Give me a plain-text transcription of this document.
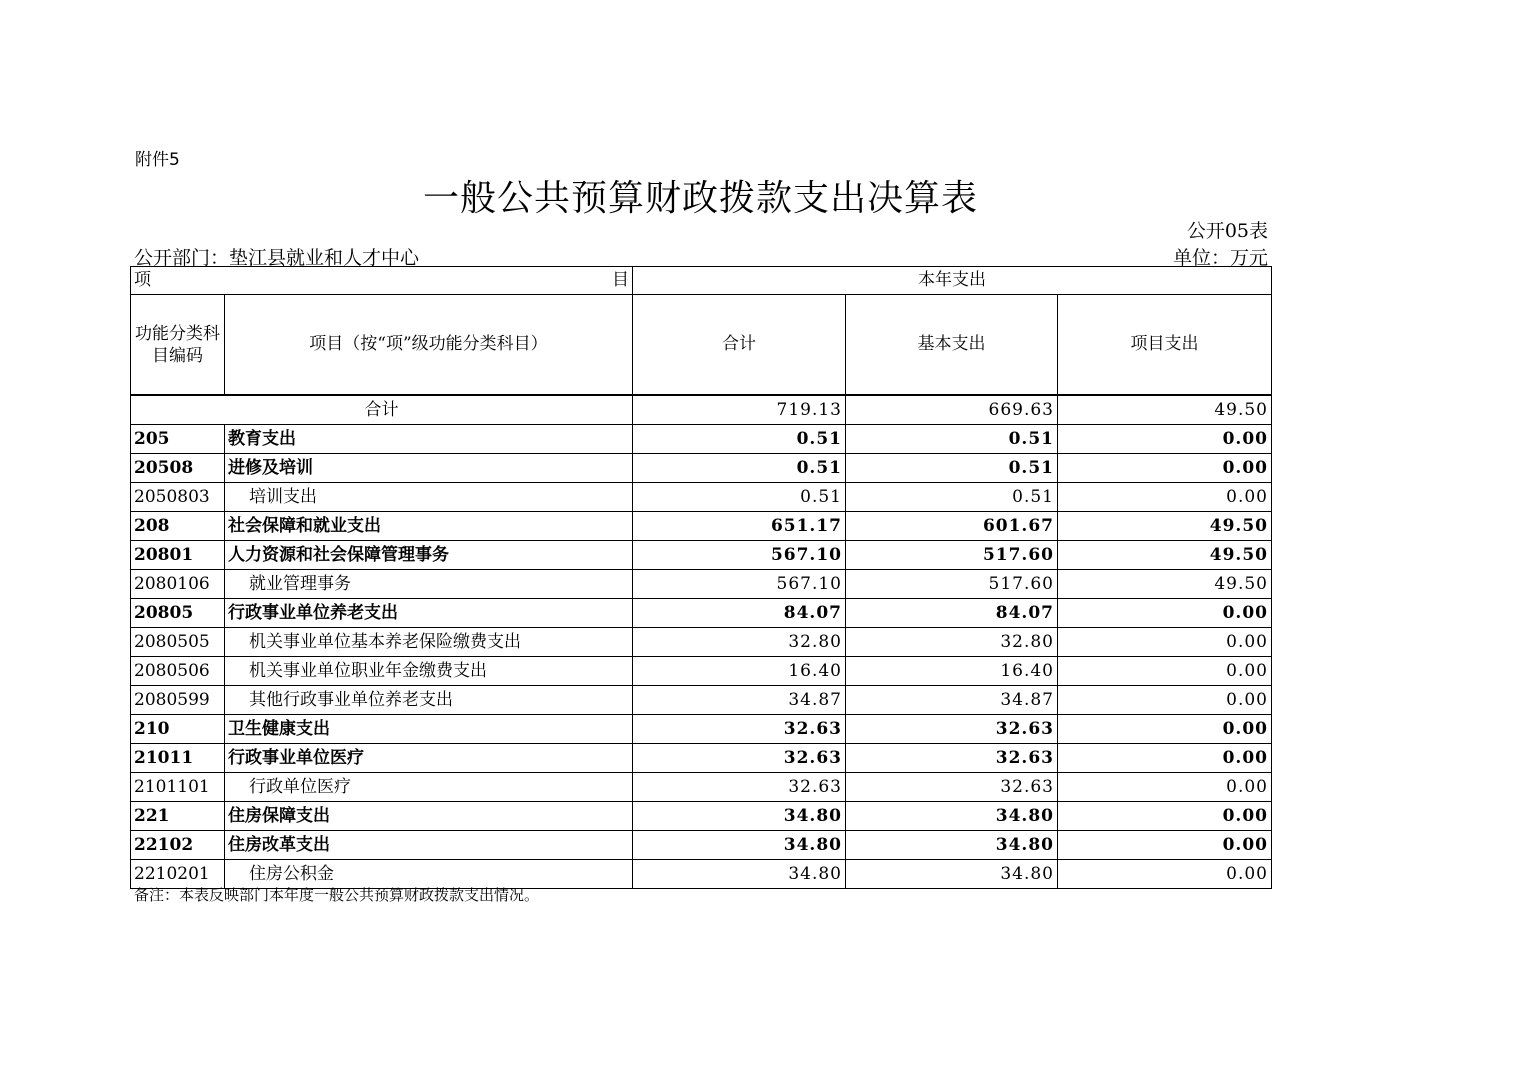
附件5
一般公共预算财政拨款支出决算表
公开05表
公开部门：垫江县就业和人才中心	单位：万元
项 目		本年支出		
功能分类科目编码	项目（按“项”级功能分类科目）	合计	基本支出	项目支出
合计		719.13	669.63	49.50
205	教育支出	0.51	0.51	0.00
20508	进修及培训	0.51	0.51	0.00
2050803	培训支出	0.51	0.51	0.00
208	社会保障和就业支出	651.17	601.67	49.50
20801	人力资源和社会保障管理事务	567.10	517.60	49.50
2080106	就业管理事务	567.10	517.60	49.50
20805	行政事业单位养老支出	84.07	84.07	0.00
2080505	机关事业单位基本养老保险缴费支出	32.80	32.80	0.00
2080506	机关事业单位职业年金缴费支出	16.40	16.40	0.00
2080599	其他行政事业单位养老支出	34.87	34.87	0.00
210	卫生健康支出	32.63	32.63	0.00
21011	行政事业单位医疗	32.63	32.63	0.00
2101101	行政单位医疗	32.63	32.63	0.00
221	住房保障支出	34.80	34.80	0.00
22102	住房改革支出	34.80	34.80	0.00
2210201	住房公积金	34.80	34.80	0.00
备注：本表反映部门本年度一般公共预算财政拨款支出情况。
